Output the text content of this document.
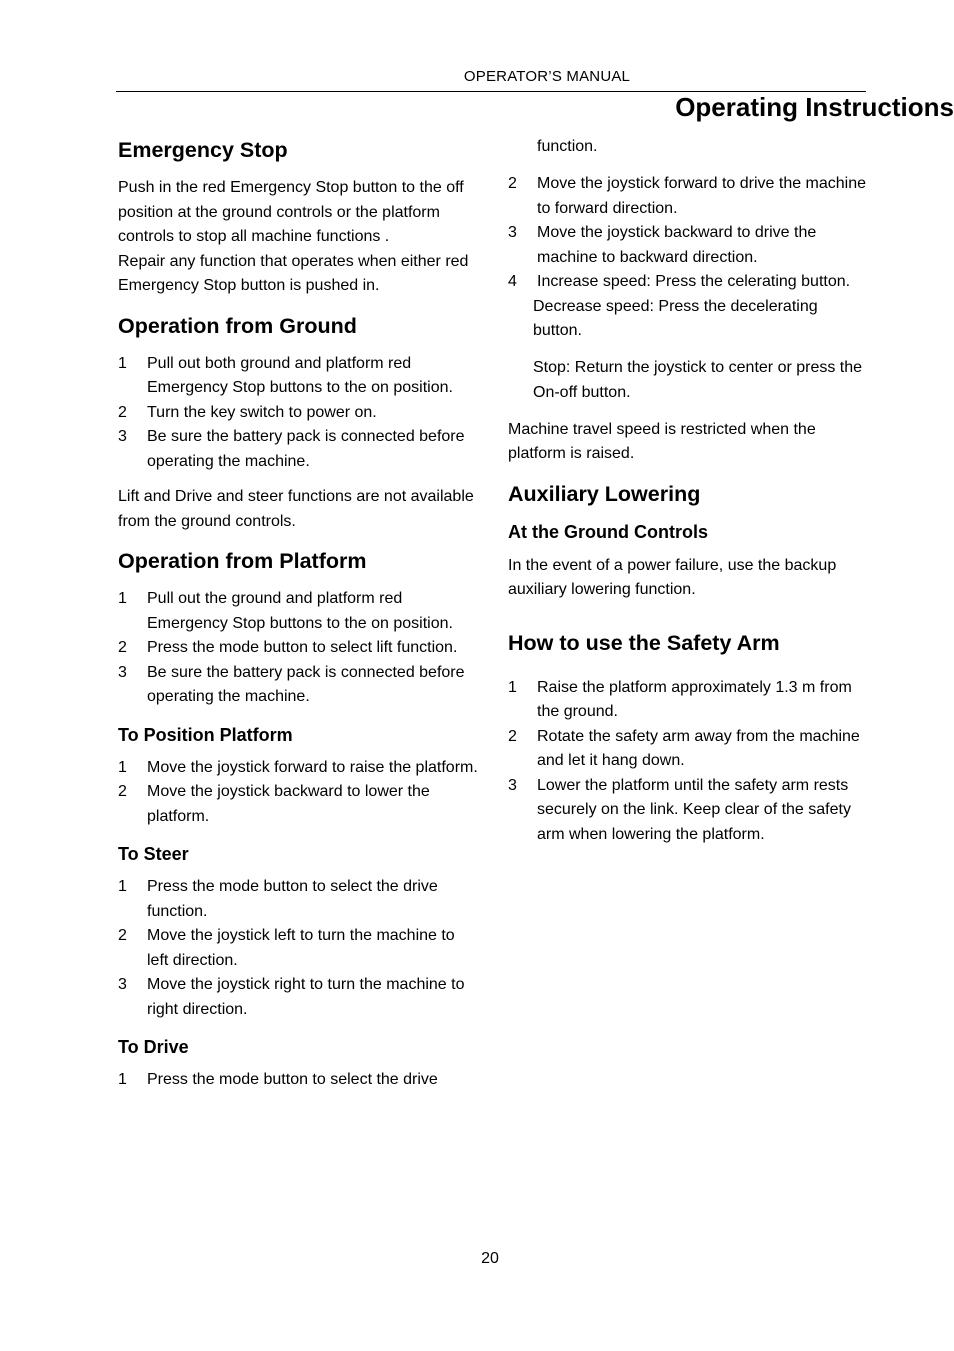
OPERATOR’S MANUAL
Operating Instructions
Emergency Stop

Push in the red Emergency Stop button to the off position at the ground controls or the platform controls to stop all machine functions .

Repair any function that operates when either red Emergency Stop button is pushed in.

Operation from Ground
1	Pull out both ground and platform red Emergency Stop buttons to the on position.
2	Turn the key switch to power on.
3	Be sure the battery pack is connected before operating the machine.

Lift and Drive and steer functions are not available from the ground controls.

Operation from Platform
1	Pull out the ground and platform red Emergency Stop buttons to the on position.
2	Press the mode button to select lift function.
3	Be sure the battery pack is connected before operating the machine.
To Position Platform
1	Move the joystick forward to raise the platform.
2	Move the joystick backward to lower the platform.
To Steer
1	Press the mode button to select the drive function.
2	Move the joystick left to turn the machine to left direction.
3	Move the joystick right to turn the machine to right direction.
To Drive
1	Press the mode button to select the drive

function.

2	Move the joystick forward to drive the machine to forward direction.
3	Move the joystick backward to drive the machine to backward direction.
4	Increase speed: Press the celerating button.

Decrease speed: Press the decelerating button.

Stop: Return the joystick to center or press the On-off button.

Machine travel speed is restricted when the platform is raised.

Auxiliary Lowering
At the Ground Controls

In the event of a power failure, use the backup auxiliary lowering function.

How to use the Safety Arm
1	Raise the platform approximately 1.3 m from the ground.
2	Rotate the safety arm away from the machine and let it hang down.
3	Lower the platform until the safety arm rests securely on the link. Keep clear of the safety arm when lowering the platform.
20
